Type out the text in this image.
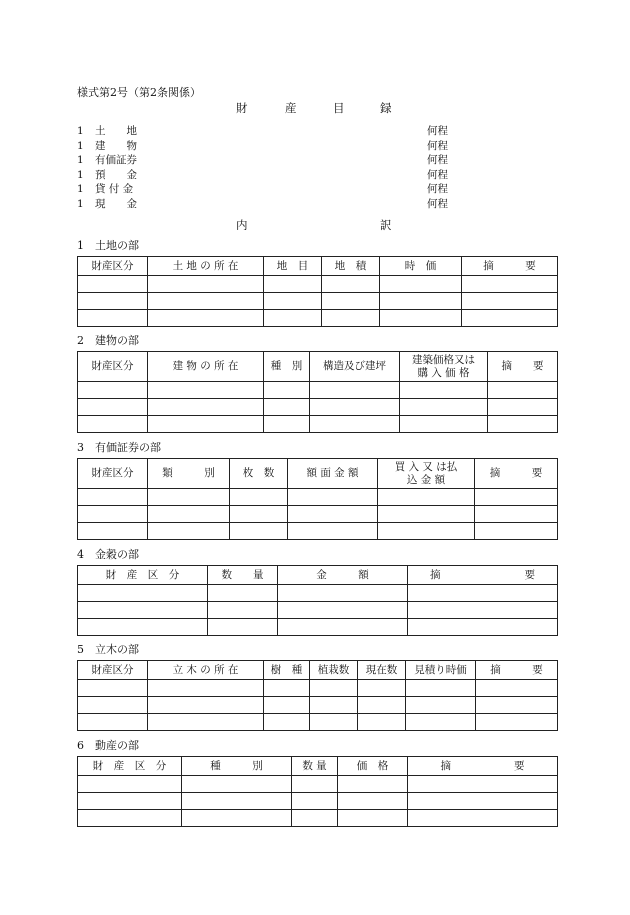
様式第2号（第2条関係）
財	産	目	録
1 土　　地	何程
1 建　　物	何程
1 有価証券	何程
1 預　　金	何程
1 貸 付 金	何程
1 現　　金	何程
内	訳
1　土地の部
財産区分	土 地 の 所 在	地　目	地　積	時　価	摘　　　要

2　建物の部
財産区分	建 物 の 所 在	種　別	構造及び建坪	建築価格又は購 入 価 格	摘　　要

3　有価証券の部
財産区分	類　　　別	枚　数	額 面 金 額	買 入 又 は払 込 金 額	摘　　　要

4　金穀の部
財　産　区　分	数　　量	金　　　額	摘　　　　　　　　要

5　立木の部
財産区分	立 木 の 所 在	樹　種	植栽数	現在数	見積り時価	摘　　　要

6　動産の部
財　産　区　分	種　　　別	数 量	価　格	摘　　　　　　要
